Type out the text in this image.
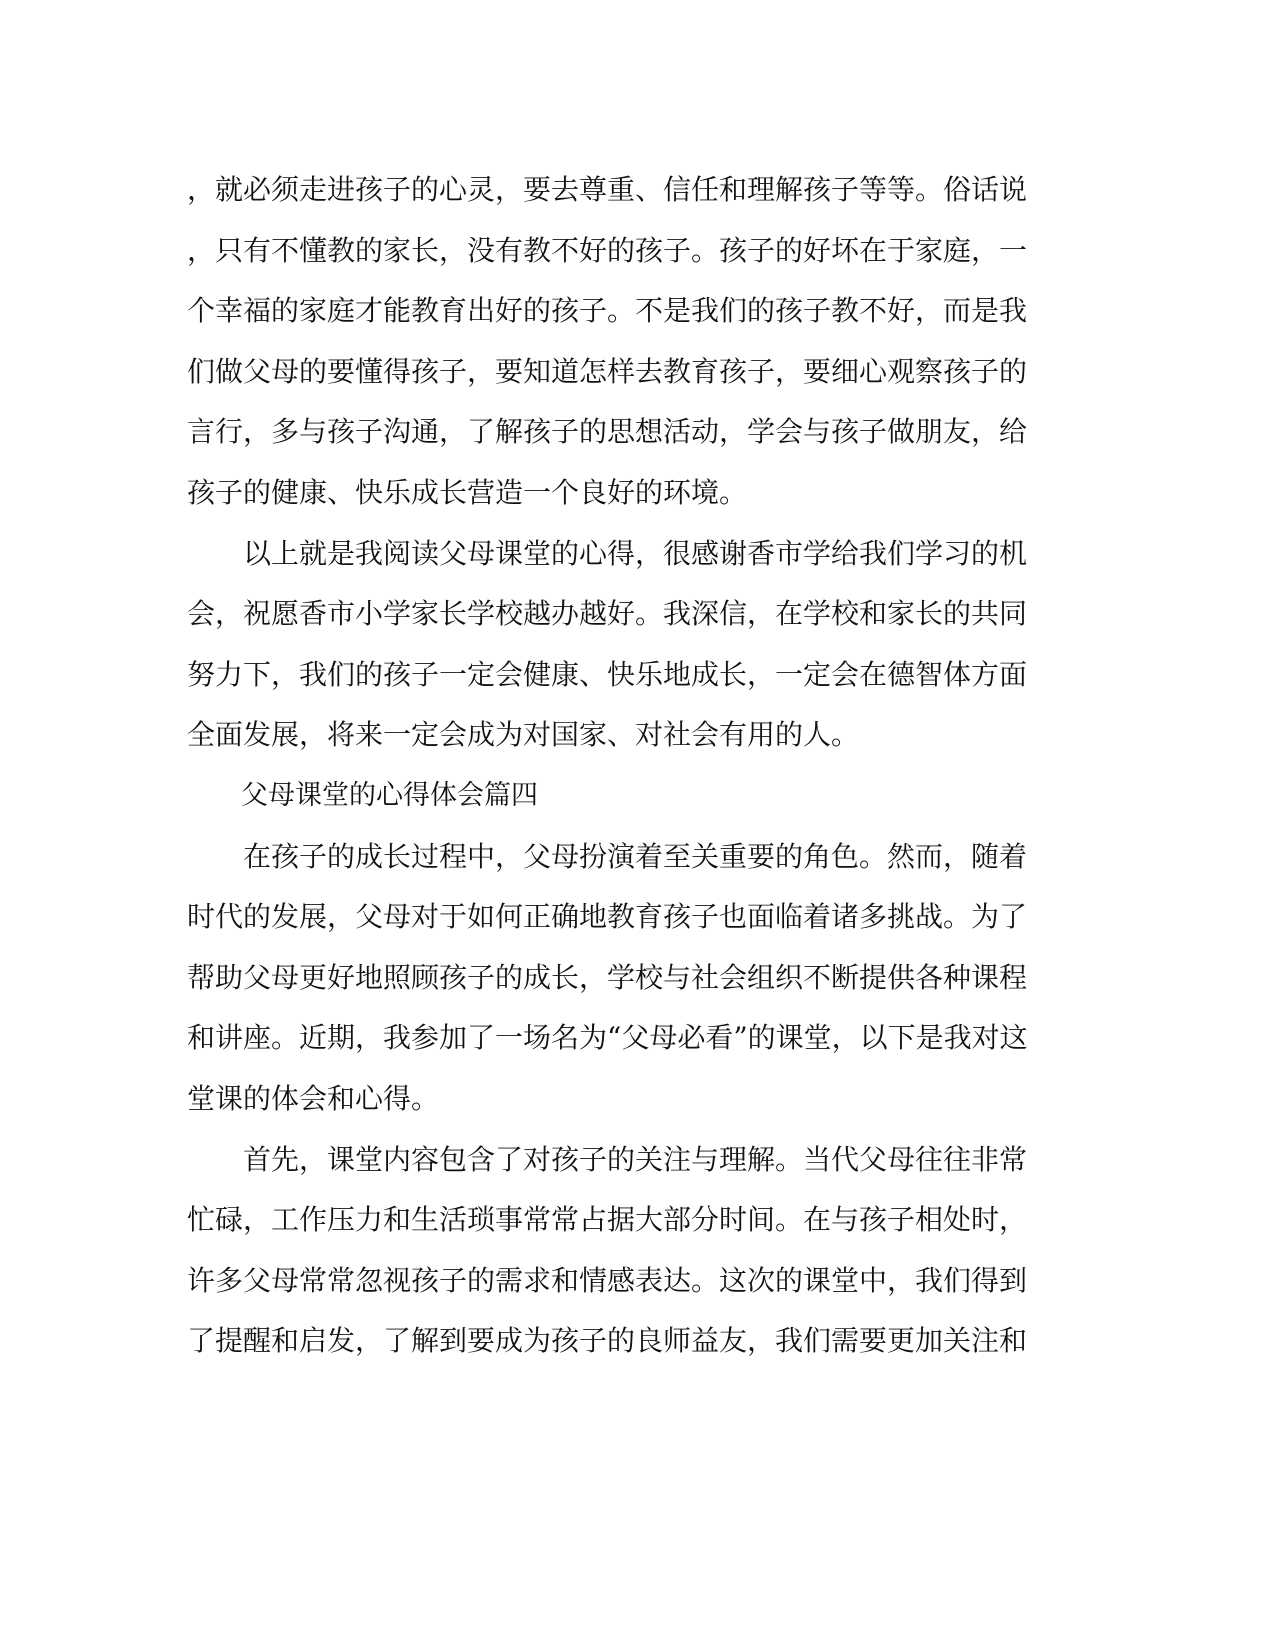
，就必须走进孩子的心灵，要去尊重、信任和理解孩子等等。俗话说
，只有不懂教的家长，没有教不好的孩子。孩子的好坏在于家庭，一
个幸福的家庭才能教育出好的孩子。不是我们的孩子教不好，而是我
们做父母的要懂得孩子，要知道怎样去教育孩子，要细心观察孩子的
言行，多与孩子沟通，了解孩子的思想活动，学会与孩子做朋友，给
孩子的健康、快乐成长营造一个良好的环境。
　　以上就是我阅读父母课堂的心得，很感谢香市学给我们学习的机
会，祝愿香市小学家长学校越办越好。我深信，在学校和家长的共同
努力下，我们的孩子一定会健康、快乐地成长，一定会在德智体方面
全面发展，将来一定会成为对国家、对社会有用的人。
　　父母课堂的心得体会篇四
　　在孩子的成长过程中，父母扮演着至关重要的角色。然而，随着
时代的发展，父母对于如何正确地教育孩子也面临着诸多挑战。为了
帮助父母更好地照顾孩子的成长，学校与社会组织不断提供各种课程
和讲座。近期，我参加了一场名为“父母必看”的课堂，以下是我对这
堂课的体会和心得。
　　首先，课堂内容包含了对孩子的关注与理解。当代父母往往非常
忙碌，工作压力和生活琐事常常占据大部分时间。在与孩子相处时，
许多父母常常忽视孩子的需求和情感表达。这次的课堂中，我们得到
了提醒和启发，了解到要成为孩子的良师益友，我们需要更加关注和
